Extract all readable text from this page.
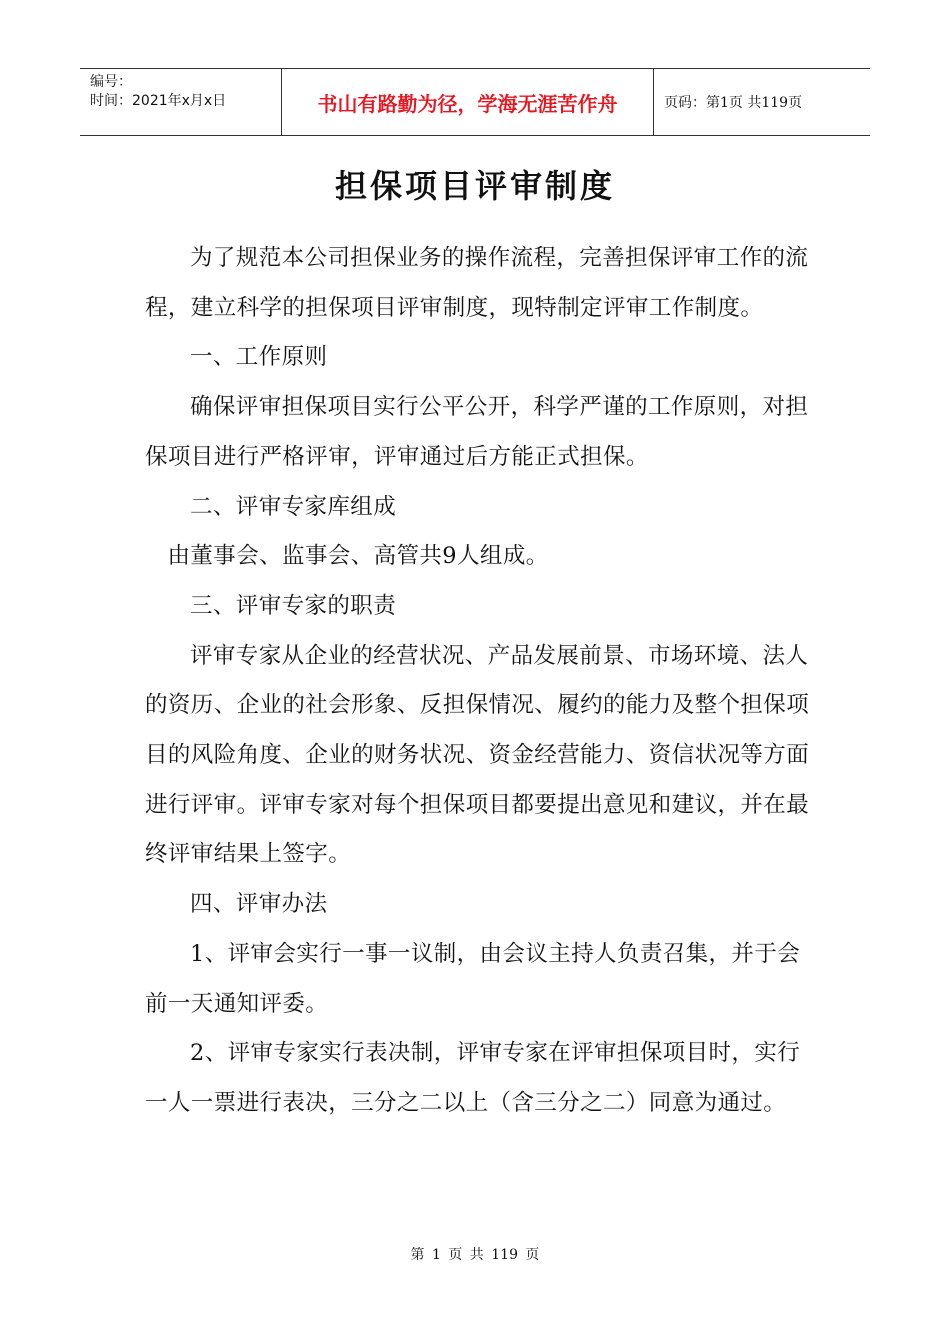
编号：
时间：2021年x月x日	书山有路勤为径，学海无涯苦作舟	页码：第1页 共119页
担保项目评审制度

为了规范本公司担保业务的操作流程，完善担保评审工作的流程，建立科学的担保项目评审制度，现特制定评审工作制度。

一、工作原则

确保评审担保项目实行公平公开，科学严谨的工作原则，对担保项目进行严格评审，评审通过后方能正式担保。

二、评审专家库组成

由董事会、监事会、高管共9人组成。

三、评审专家的职责

评审专家从企业的经营状况、产品发展前景、市场环境、法人的资历、企业的社会形象、反担保情况、履约的能力及整个担保项目的风险角度、企业的财务状况、资金经营能力、资信状况等方面进行评审。评审专家对每个担保项目都要提出意见和建议，并在最终评审结果上签字。

四、评审办法

1、评审会实行一事一议制，由会议主持人负责召集，并于会前一天通知评委。

2、评审专家实行表决制，评审专家在评审担保项目时，实行一人一票进行表决，三分之二以上（含三分之二）同意为通过。

第 1 页 共 119 页
